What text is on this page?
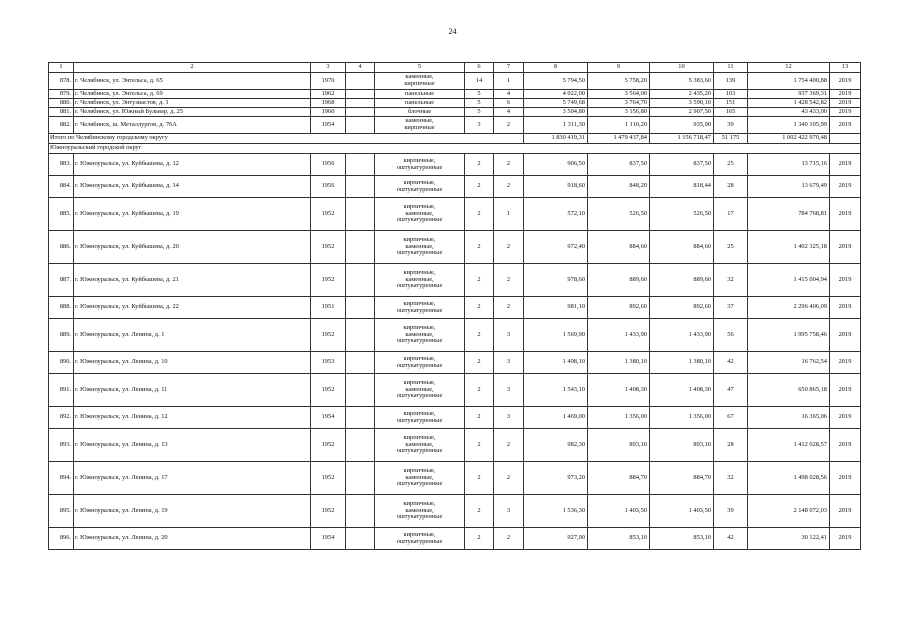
24
1	2	3	4	5	6	7	8	9	10	11	12	13
878.	г. Челябинск, ул. Энгельса, д. 65	1970		каменные,
кирпичные	14	1	5 794,50	5 758,20	5 383,60	139	1 754 400,88	2019
879.	г. Челябинск, ул. Энгельса, д. 69	1962		панельные	5	4	4 022,00	3 564,00	2 435,20	103	937 369,31	2019
880.	г. Челябинск, ул. Энтузиастов, д. 1	1968		панельные	5	6	5 749,68	3 764,70	3 590,10	151	1 428 542,82	2019
881.	г. Челябинск, ул. Южный Бульвар, д. 25	1960		блочные	5	4	3 504,80	3 156,80	2 907,50	165	43 433,00	2019
882.	г. Челябинск, ш. Металлургов, д. 76А	1954		каменные,
кирпичные	3	2	1 311,30	1 110,20	935,90	39	1 340 105,99	2019
Итого по Челябинскому городскому округу							1 830 419,31	1 479 437,84	1 156 718,47	51 175	1 002 422 970,48	
Южноуральский городской округ												
883.	г. Южноуральск, ул. Куйбышева, д. 12	1956		кирпичные,
оштукатуренные	2	2	906,50	837,50	837,50	25	13 715,16	2019
884.	г. Южноуральск, ул. Куйбышева, д. 14	1956		кирпичные,
оштукатуренные	2	2	918,60	848,20	818,44	28	13 679,49	2019
885.	г. Южноуральск, ул. Куйбышева, д. 19	1952		кирпичные,
каменные,
оштукатуренные	2	1	572,10	526,50	526,50	17	784 768,81	2019
886.	г. Южноуральск, ул. Куйбышева, д. 20	1952		кирпичные,
каменные,
оштукатуренные	2	2	972,40	884,60	884,60	25	1 402 325,18	2019
887.	г. Южноуральск, ул. Куйбышева, д. 21	1952		кирпичные,
каменные,
оштукатуренные	2	2	978,60	889,60	889,60	32	1 415 004,94	2019
888.	г. Южноуральск, ул. Куйбышева, д. 22	1951		кирпичные,
оштукатуренные	2	2	981,10	892,60	892,60	37	2 296 406,09	2019
889.	г. Южноуральск, ул. Ленина, д. 1	1952		кирпичные,
каменные,
оштукатуренные	2	3	1 569,90	1 433,90	1 433,90	56	1 995 758,46	2019
890.	г. Южноуральск, ул. Ленина, д. 10	1953		кирпичные,
оштукатуренные	2	3	1 498,10	1 380,10	1 380,10	42	16 762,54	2019
891.	г. Южноуральск, ул. Ленина, д. 11	1952		кирпичные,
каменные,
оштукатуренные	2	3	1 543,10	1 408,30	1 408,30	47	650 865,18	2019
892.	г. Южноуральск, ул. Ленина, д. 12	1954		кирпичные,
оштукатуренные	2	3	1 469,00	1 356,00	1 356,00	67	16 365,06	2019
893.	г. Южноуральск, ул. Ленина, д. 13	1952		кирпичные,
каменные,
оштукатуренные	2	2	982,30	893,10	893,10	28	1 412 028,57	2019
894.	г. Южноуральск, ул. Ленина, д. 17	1952		кирпичные,
каменные,
оштукатуренные	2	2	973,20	884,70	884,70	32	1 498 028,56	2019
895.	г. Южноуральск, ул. Ленина, д. 19	1952		кирпичные,
каменные,
оштукатуренные	2	3	1 536,30	1 403,50	1 403,50	39	2 148 072,03	2019
896.	г. Южноуральск, ул. Ленина, д. 20	1954		кирпичные,
оштукатуренные	2	2	927,00	853,10	853,10	42	30 122,41	2019
